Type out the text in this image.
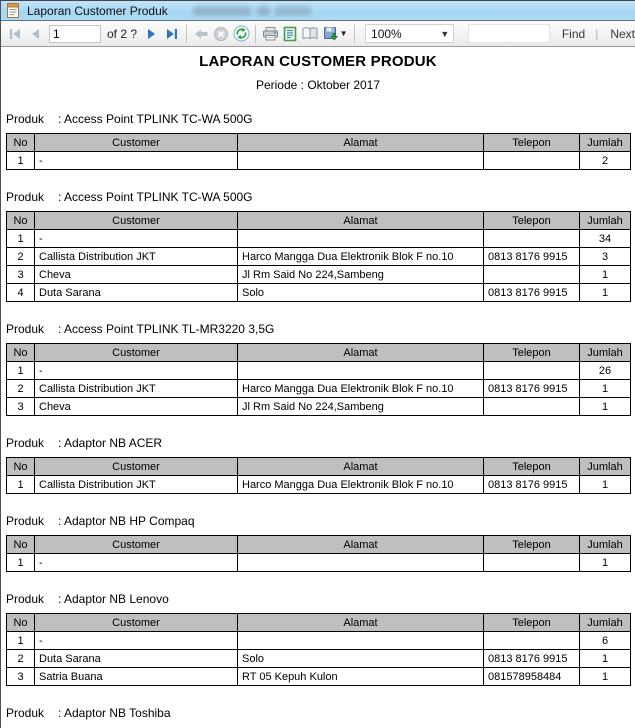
Laporan Customer Produk
1
of 2 ?	▼	100%	▼	Find | Next
LAPORAN CUSTOMER PRODUK
Periode : Oktober 2017
Produk : Access Point TPLINK TC-WA 500G
No	Customer	Alamat	Telepon	Jumlah
1	-			2
Produk : Access Point TPLINK TC-WA 500G
No	Customer	Alamat	Telepon	Jumlah
1	-			34
2	Callista Distribution JKT	Harco Mangga Dua Elektronik Blok F no.10	0813 8176 9915	3
3	Cheva	Jl Rm Said No 224,Sambeng		1
4	Duta Sarana	Solo	0813 8176 9915	1
Produk : Access Point TPLINK TL-MR3220 3,5G
No	Customer	Alamat	Telepon	Jumlah
1	-			26
2	Callista Distribution JKT	Harco Mangga Dua Elektronik Blok F no.10	0813 8176 9915	1
3	Cheva	Jl Rm Said No 224,Sambeng		1
Produk : Adaptor NB ACER
No	Customer	Alamat	Telepon	Jumlah
1	Callista Distribution JKT	Harco Mangga Dua Elektronik Blok F no.10	0813 8176 9915	1
Produk : Adaptor NB HP Compaq
No	Customer	Alamat	Telepon	Jumlah
1	-			1
Produk : Adaptor NB Lenovo
No	Customer	Alamat	Telepon	Jumlah
1	-			6
2	Duta Sarana	Solo	0813 8176 9915	1
3	Satria Buana	RT 05 Kepuh Kulon	081578958484	1
Produk : Adaptor NB Toshiba
